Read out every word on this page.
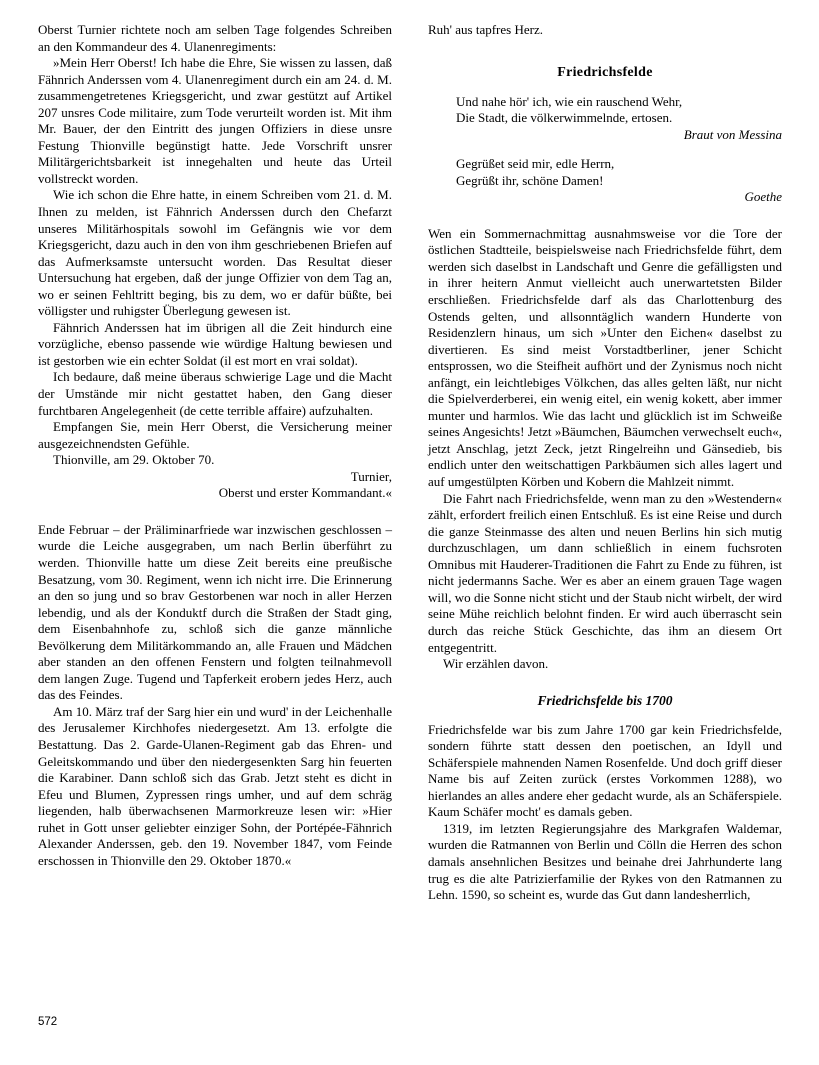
Oberst Turnier richtete noch am selben Tage folgendes Schreiben an den Kommandeur des 4. Ulanenregiments:

»Mein Herr Oberst! Ich habe die Ehre, Sie wissen zu lassen, daß Fähnrich Anderssen vom 4. Ulanenregiment durch ein am 24. d. M. zusammengetretenes Kriegsgericht, und zwar gestützt auf Artikel 207 unsres Code militaire, zum Tode verurteilt worden ist. Mit ihm Mr. Bauer, der den Eintritt des jungen Offiziers in diese unsre Festung Thionville begünstigt hatte. Jede Vorschrift unsrer Militärgerichtsbarkeit ist innegehalten und heute das Urteil vollstreckt worden.

Wie ich schon die Ehre hatte, in einem Schreiben vom 21. d. M. Ihnen zu melden, ist Fähnrich Anderssen durch den Chefarzt unseres Militärhospitals sowohl im Gefängnis wie vor dem Kriegsgericht, dazu auch in den von ihm geschriebenen Briefen auf das Aufmerksamste untersucht worden. Das Resultat dieser Untersuchung hat ergeben, daß der junge Offizier von dem Tag an, wo er seinen Fehltritt beging, bis zu dem, wo er dafür büßte, bei völligster und ruhigster Überlegung gewesen ist.

Fähnrich Anderssen hat im übrigen all die Zeit hindurch eine vorzügliche, ebenso passende wie würdige Haltung bewiesen und ist gestorben wie ein echter Soldat (il est mort en vrai soldat).

Ich bedaure, daß meine überaus schwierige Lage und die Macht der Umstände mir nicht gestattet haben, den Gang dieser furchtbaren Angelegenheit (de cette terrible affaire) aufzuhalten.

Empfangen Sie, mein Herr Oberst, die Versicherung meiner ausgezeichnendsten Gefühle.

Thionville, am 29. Oktober 70.

Turnier,

Oberst und erster Kommandant.«

Ende Februar – der Präliminarfriede war inzwischen geschlossen – wurde die Leiche ausgegraben, um nach Berlin überführt zu werden. Thionville hatte um diese Zeit bereits eine preußische Besatzung, vom 30. Regiment, wenn ich nicht irre. Die Erinnerung an den so jung und so brav Gestorbenen war noch in aller Herzen lebendig, und als der Konduktf durch die Straßen der Stadt ging, dem Eisenbahnhofe zu, schloß sich die ganze männliche Bevölkerung dem Militärkommando an, alle Frauen und Mädchen aber standen an den offenen Fenstern und folgten teilnahmevoll dem langen Zuge. Tugend und Tapferkeit erobern jedes Herz, auch das des Feindes.

Am 10. März traf der Sarg hier ein und wurd' in der Leichenhalle des Jerusalemer Kirchhofes niedergesetzt. Am 13. erfolgte die Bestattung. Das 2. Garde-Ulanen-Regiment gab das Ehren- und Geleitskommando und über den niedergesenkten Sarg hin feuerten die Karabiner. Dann schloß sich das Grab. Jetzt steht es dicht in Efeu und Blumen, Zypressen rings umher, und auf dem schräg liegenden, halb überwachsenen Marmorkreuze lesen wir: »Hier ruhet in Gott unser geliebter einziger Sohn, der Portépée-Fähnrich Alexander Anderssen, geb. den 19. November 1847, vom Feinde erschossen in Thionville den 29. Oktober 1870.«

Ruh' aus tapfres Herz.

Friedrichsfelde
Und nahe hör' ich, wie ein rauschend Wehr,
Die Stadt, die völkerwimmelnde, ertosen.

Braut von Messina

Gegrüßet seid mir, edle Herrn,
Gegrüßt ihr, schöne Damen!

Goethe

Wen ein Sommernachmittag ausnahmsweise vor die Tore der östlichen Stadtteile, beispielsweise nach Friedrichsfelde führt, dem werden sich daselbst in Landschaft und Genre die gefälligsten und in ihrer heitern Anmut vielleicht auch unerwartetsten Bilder erschließen. Friedrichsfelde darf als das Charlottenburg des Ostends gelten, und allsonntäglich wandern Hunderte von Residenzlern hinaus, um sich »Unter den Eichen« daselbst zu divertieren. Es sind meist Vorstadtberliner, jener Schicht entsprossen, wo die Steifheit aufhört und der Zynismus noch nicht anfängt, ein leichtlebiges Völkchen, das alles gelten läßt, nur nicht die Spielverderberei, ein wenig eitel, ein wenig kokett, aber immer munter und harmlos. Wie das lacht und glücklich ist im Schweiße seines Angesichts! Jetzt »Bäumchen, Bäumchen verwechselt euch«, jetzt Anschlag, jetzt Zeck, jetzt Ringelreihn und Gänsedieb, bis endlich unter den weitschattigen Parkbäumen sich alles lagert und auf umgestülpten Körben und Kobern die Mahlzeit nimmt.

Die Fahrt nach Friedrichsfelde, wenn man zu den »Westendern« zählt, erfordert freilich einen Entschluß. Es ist eine Reise und durch die ganze Steinmasse des alten und neuen Berlins hin sich mutig durchzuschlagen, um dann schließlich in einem fuchsroten Omnibus mit Hauderer-Traditionen die Fahrt zu Ende zu führen, ist nicht jedermanns Sache. Wer es aber an einem grauen Tage wagen will, wo die Sonne nicht sticht und der Staub nicht wirbelt, der wird seine Mühe reichlich belohnt finden. Er wird auch überrascht sein durch das reiche Stück Geschichte, das ihm an diesem Ort entgegentritt.

Wir erzählen davon.

Friedrichsfelde bis 1700

Friedrichsfelde war bis zum Jahre 1700 gar kein Friedrichsfelde, sondern führte statt dessen den poetischen, an Idyll und Schäferspiele mahnenden Namen Rosenfelde. Und doch griff dieser Name bis auf Zeiten zurück (erstes Vorkommen 1288), wo hierlandes an alles andere eher gedacht wurde, als an Schäferspiele. Kaum Schäfer mocht' es damals geben.

1319, im letzten Regierungsjahre des Markgrafen Waldemar, wurden die Ratmannen von Berlin und Cölln die Herren des schon damals ansehnlichen Besitzes und beinahe drei Jahrhunderte lang trug es die alte Patrizierfamilie der Rykes von den Ratmannen zu Lehn. 1590, so scheint es, wurde das Gut dann landesherrlich,

572
